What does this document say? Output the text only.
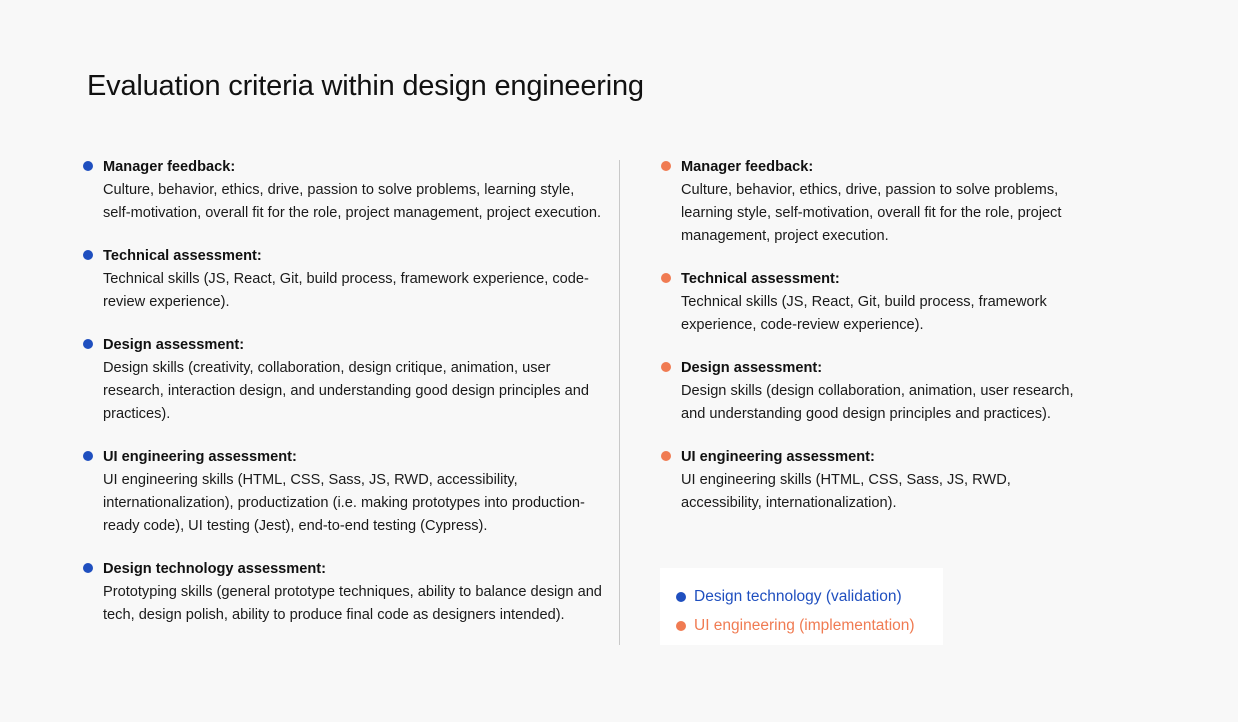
Evaluation criteria within design engineering
Manager feedback:
Culture, behavior, ethics, drive, passion to solve problems, learning style, self-motivation, overall fit for the role, project management, project execution.
Technical assessment:
Technical skills (JS, React, Git, build process, framework experience, code-review experience).
Design assessment:
Design skills (creativity, collaboration, design critique, animation, user research, interaction design, and understanding good design principles and practices).
UI engineering assessment:
UI engineering skills (HTML, CSS, Sass, JS, RWD, accessibility, internationalization), productization (i.e. making prototypes into production-ready code), UI testing (Jest), end-to-end testing (Cypress).
Design technology assessment:
Prototyping skills (general prototype techniques, ability to balance design and tech, design polish, ability to produce final code as designers intended).
Manager feedback:
Culture, behavior, ethics, drive, passion to solve problems, learning style, self-motivation, overall fit for the role, project management, project execution.
Technical assessment:
Technical skills (JS, React, Git, build process, framework experience, code-review experience).
Design assessment:
Design skills (design collaboration, animation, user research, and understanding good design principles and practices).
UI engineering assessment:
UI engineering skills (HTML, CSS, Sass, JS, RWD, accessibility, internationalization).
Design technology (validation)
UI engineering (implementation)
